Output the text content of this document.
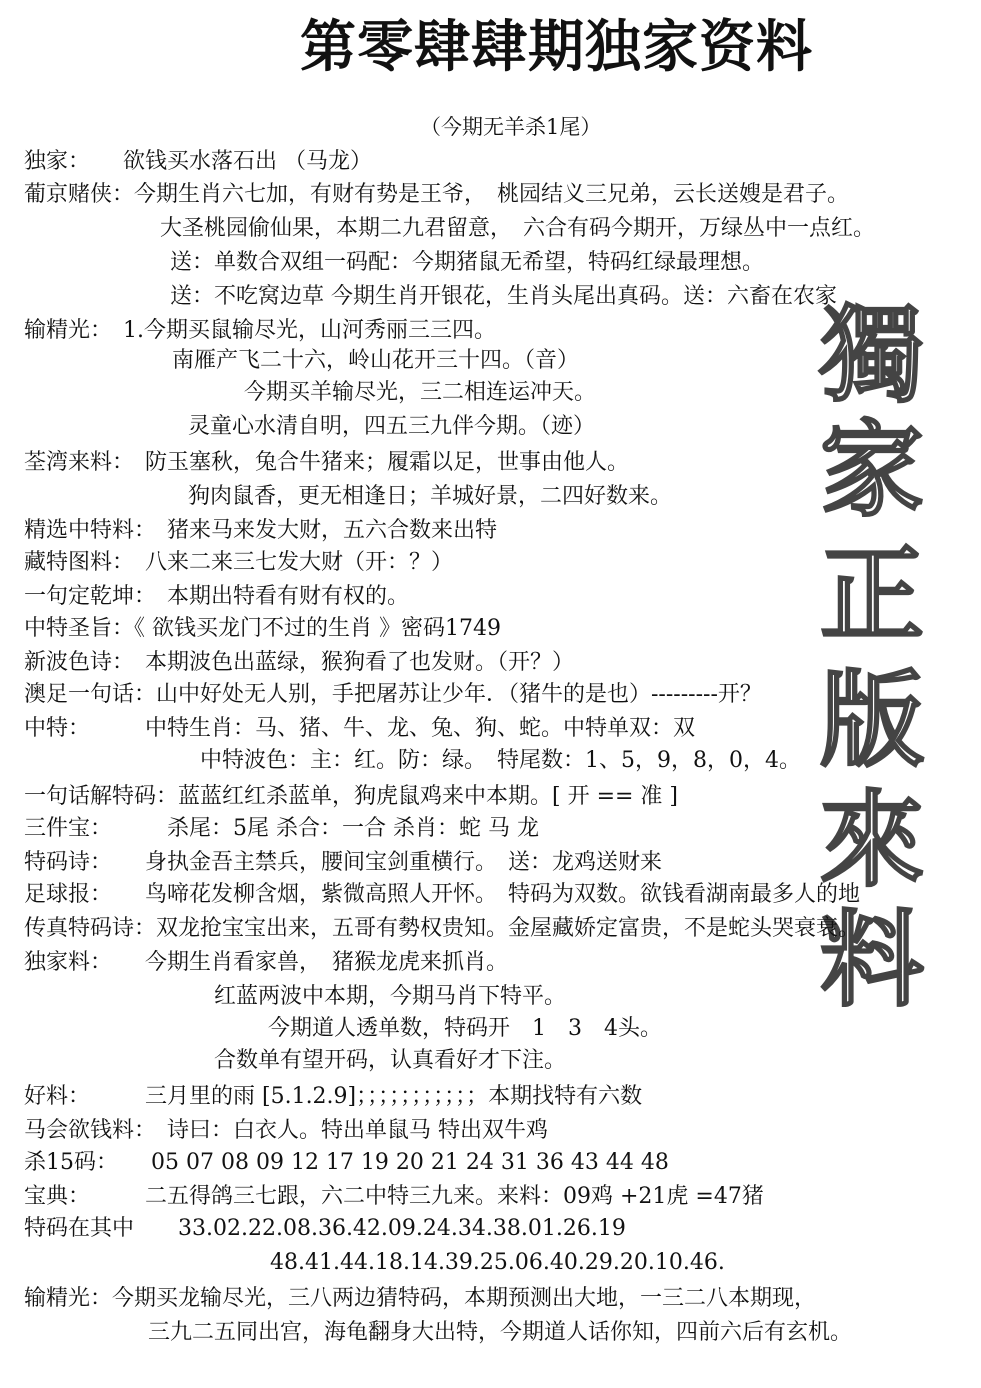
第零肆肆期独家资料
（今期无羊杀1尾）
獨
家
正
版
來
料
独家：　　欲钱买水落石出 （马龙）
葡京赌侠：今期生肖六七加，有财有势是王爷，　桃园结义三兄弟，云长送嫂是君子。
大圣桃园偷仙果，本期二九君留意，　六合有码今期开，万绿丛中一点红。
送：单数合双组一码配：今期猪鼠无希望，特码红绿最理想。
送：不吃窝边草 今期生肖开银花，生肖头尾出真码。送：六畜在农家
输精光：　1.今期买鼠输尽光，山河秀丽三三四。
南雁产飞二十六，岭山花开三十四。（音）
今期买羊输尽光，三二相连运冲天。
灵童心水清自明，四五三九伴今期。（迹）
荃湾来料：　防玉塞秋，兔合牛猪来；履霜以足，世事由他人。
狗肉鼠香，更无相逢日；羊城好景，二四好数来。
精选中特料：　猪来马来发大财，五六合数来出特
藏特图料：　八来二来三七发大财（开：？）
一句定乾坤：　本期出特看有财有权的。
中特圣旨：《 欲钱买龙门不过的生肖 》密码1749
新波色诗：　本期波色出蓝绿，猴狗看了也发财。（开？）
澳足一句话：山中好处无人别，手把屠苏让少年．（猪牛的是也）---------开？
中特：　　　中特生肖：马、猪、牛、龙、兔、狗、蛇。中特单双：双
中特波色：主：红。防：绿。　特尾数：1、5，9，8，0，4。
一句话解特码：蓝蓝红红杀蓝单，狗虎鼠鸡来中本期。[ 开 == 准 ]
三件宝：　　　杀尾：5尾 杀合：一合 杀肖：蛇 马 龙
特码诗：　　身执金吾主禁兵，腰间宝剑重横行。　送：龙鸡送财来
足球报：　　鸟啼花发柳含烟，紫微高照人开怀。　特码为双数。欲钱看湖南最多人的地
传真特码诗：双龙抢宝宝出来，五哥有勢权贵知。金屋藏娇定富贵，不是蛇头哭衰衰。
独家料：　　今期生肖看家兽，　猪猴龙虎来抓肖。
红蓝两波中本期，今期马肖下特平。
今期道人透单数，特码开　1　3　4头。
合数单有望开码，认真看好才下注。
好料：　　　三月里的雨 [5.1.2.9]；；；；；；；；；；；本期找特有六数
马会欲钱料：　诗曰：白衣人。特出单鼠马 特出双牛鸡
杀15码：　　05 07 08 09 12 17 19 20 21 24 31 36 43 44 48
宝典：　　　二五得鸽三七跟，六二中特三九来。来料：09鸡 +21虎 =47猪
特码在其中　　33.02.22.08.36.42.09.24.34.38.01.26.19
48.41.44.18.14.39.25.06.40.29.20.10.46.
输精光：今期买龙输尽光，三八两边猜特码，本期预测出大地，一三二八本期现，
三九二五同出宫，海龟翻身大出特，今期道人话你知，四前六后有玄机。
